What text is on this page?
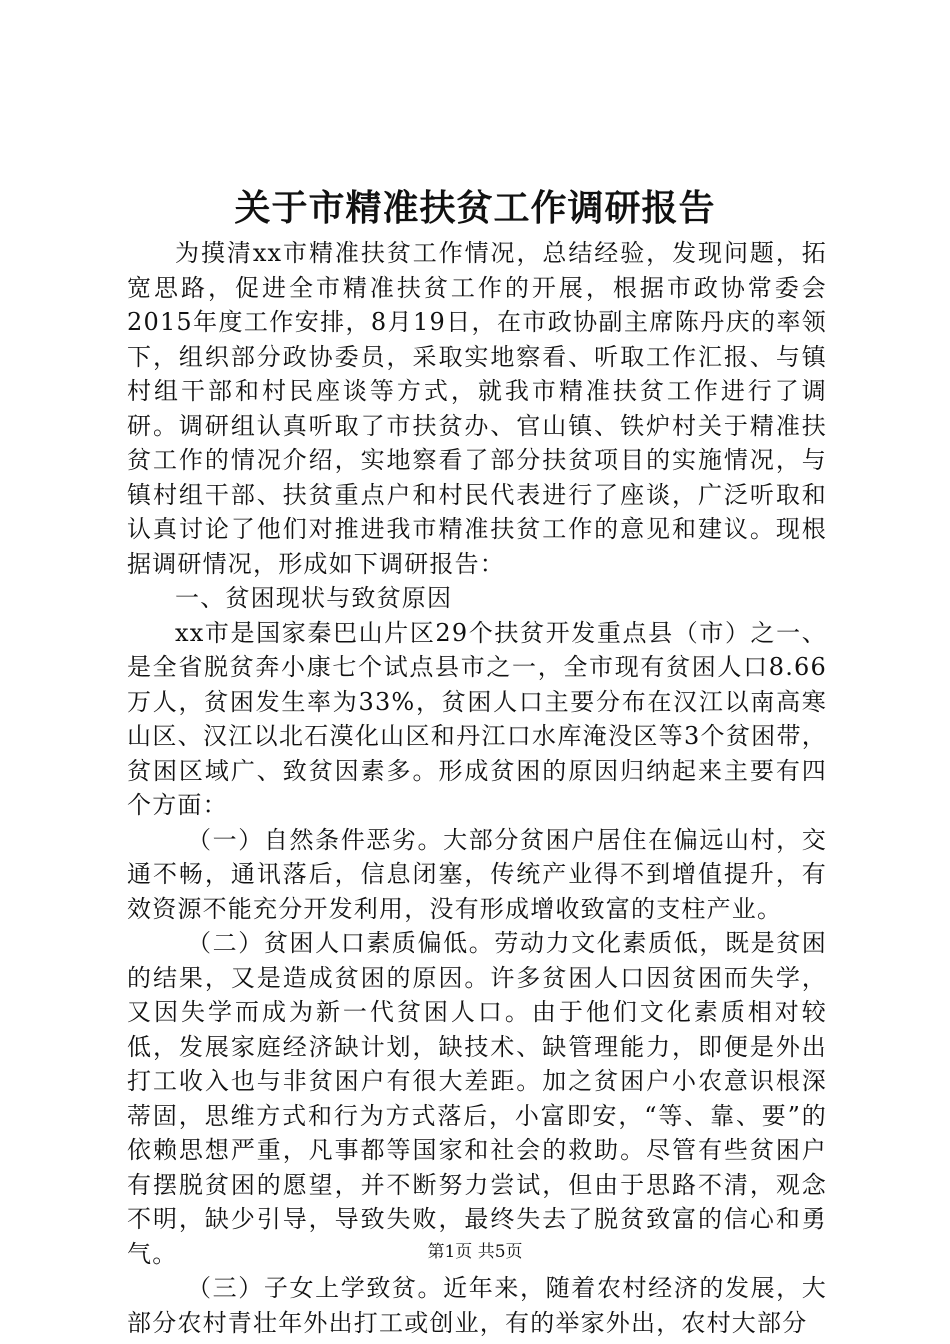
关于市精准扶贫工作调研报告

为摸清xx市精准扶贫工作情况，总结经验，发现问题，拓宽思路，促进全市精准扶贫工作的开展，根据市政协常委会2015年度工作安排，8月19日，在市政协副主席陈丹庆的率领下，组织部分政协委员，采取实地察看、听取工作汇报、与镇村组干部和村民座谈等方式，就我市精准扶贫工作进行了调研。调研组认真听取了市扶贫办、官山镇、铁炉村关于精准扶贫工作的情况介绍，实地察看了部分扶贫项目的实施情况，与镇村组干部、扶贫重点户和村民代表进行了座谈，广泛听取和认真讨论了他们对推进我市精准扶贫工作的意见和建议。现根据调研情况，形成如下调研报告：

一、贫困现状与致贫原因

xx市是国家秦巴山片区29个扶贫开发重点县（市）之一、是全省脱贫奔小康七个试点县市之一，全市现有贫困人口8.66万人，贫困发生率为33%，贫困人口主要分布在汉江以南高寒山区、汉江以北石漠化山区和丹江口水库淹没区等3个贫困带，贫困区域广、致贫因素多。形成贫困的原因归纳起来主要有四个方面：

（一）自然条件恶劣。大部分贫困户居住在偏远山村，交通不畅，通讯落后，信息闭塞，传统产业得不到增值提升，有效资源不能充分开发利用，没有形成增收致富的支柱产业。

（二）贫困人口素质偏低。劳动力文化素质低，既是贫困的结果，又是造成贫困的原因。许多贫困人口因贫困而失学，又因失学而成为新一代贫困人口。由于他们文化素质相对较低，发展家庭经济缺计划，缺技术、缺管理能力，即便是外出打工收入也与非贫困户有很大差距。加之贫困户小农意识根深蒂固，思维方式和行为方式落后，小富即安，“等、靠、要”的依赖思想严重，凡事都等国家和社会的救助。尽管有些贫困户有摆脱贫困的愿望，并不断努力尝试，但由于思路不清，观念不明，缺少引导，导致失败，最终失去了脱贫致富的信心和勇气。

（三）子女上学致贫。近年来，随着农村经济的发展，大部分农村青壮年外出打工或创业，有的举家外出，农村大部分

第1页 共5页
